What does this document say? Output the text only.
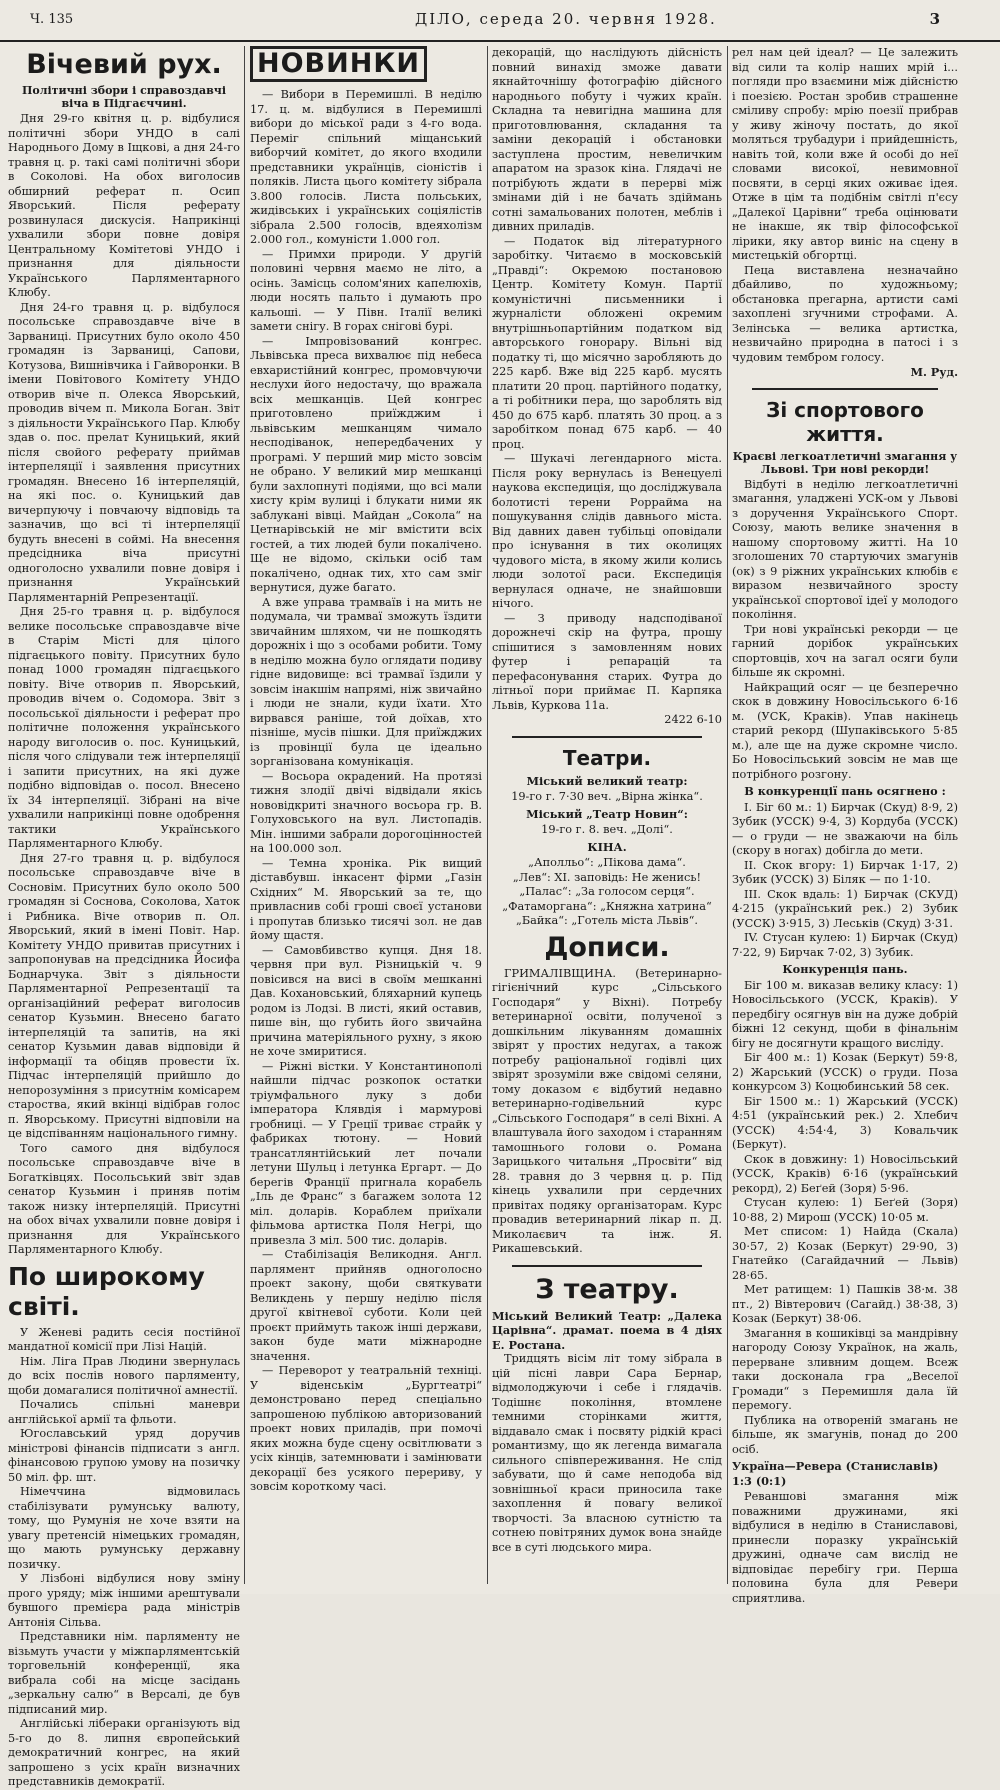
Ч. 135	ДІЛО, середа 20. червня 1928.	3
Вічевий рух.
Політичні збори і справоздавчі віча в Підгаєччині.

Дня 29-го квітня ц. р. відбулися політичні збори УНДО в салі Народнього Дому в Іщкові, а дня 24-го травня ц. р. такі самі політичні збори в Соколові. На обох виголосив обширний реферат п. Осип Яворський. Після реферату розвинулася дискусія. Наприкінці ухвалили збори повне довіря Центральному Комітетові УНДО і признання для діяльности Українського Парляментарного Клюбу.

Дня 24-го травня ц. р. відбулося посольське справоздавче віче в Зарваниці. Присутних було около 450 громадян із Зарваниці, Сапови, Котузова, Вишнівчика і Гайворонки. В імени Повітового Комітету УНДО отворив віче п. Олекса Яворський, проводив вічем п. Микола Боган. Звіт з діяльности Українського Пар. Клюбу здав о. пос. прелат Куницький, який після свойого реферату приймав інтерпеляції і заявлення присутних громадян. Внесено 16 інтерпеляцій, на які пос. о. Куницький дав вичерпуючу і повчаючу відповідь та зазначив, що всі ті інтерпеляції будуть внесені в соймі. На внесення предсідника віча присутні одноголосно ухвалили повне довіря і признання Український Парляментарній Репрезентації.

Дня 25-го травня ц. р. відбулося велике посольське справоздавче віче в Старім Місті для цілого підгаєцького повіту. Присутних було понад 1000 громадян підгаєцького повіту. Віче отворив п. Яворський, проводив вічем о. Содомора. Звіт з посольської діяльности і реферат про політичне положення українського народу виголосив о. пос. Куницький, після чого слідували теж інтерпеляції і запити присутних, на які дуже подібно відповідав о. посол. Внесено їх 34 інтерпеляції. Зібрані на віче ухвалили наприкінці повне одобрення тактики Українського Парляментарного Клюбу.

Дня 27-го травня ц. р. відбулося посольське справоздавче віче в Сосновім. Присутних було около 500 громадян зі Соснова, Соколова, Хаток і Рибника. Віче отворив п. Ол. Яворський, який в імені Повіт. Нар. Комітету УНДО привитав присутних і запропонував на предсідника Йосифа Боднарчука. Звіт з діяльности Парляментарної Репрезентації та організаційний реферат виголосив сенатор Кузьмин. Внесено багато інтерпеляцій та запитів, на які сенатор Кузьмин давав відповіди й інформації та обіцяв провести їх. Підчас інтерпеляцій прийшло до непорозуміння з присутнім комісарем староства, який вкінці відібрав голос п. Яворському. Присутні відповіли на це відспіванням національного гимну.

Того самого дня відбулося посольське справоздавче віче в Богатківцях. Посольський звіт здав сенатор Кузьмин і приняв потім також низку інтерпеляцій. Присутні на обох вічах ухвалили повне довіря і признання для Українського Парляментарного Клюбу.

По широкому світі.

У Женеві радить сесія постійної мандатної комісії при Лізі Націй.

Нім. Ліга Прав Людини звернулась до всіх послів нового парляменту, щоби домагалися політичної амнестії.

Почались спільні маневри англійської армії та фльоти.

Югославський уряд доручив міністрові фінансів підписати з англ. фінансовою групою умову на позичку 50 міл. фр. шт.

Німеччина відмовилась стабілізувати румунську валюту, тому, що Румунія не хоче взяти на увагу претенсій німецьких громадян, що мають румунську державну позичку.

У Лізбоні відбулися нову зміну прого уряду; між іншими арештували бувшого премієра рада міністрів Антонія Сільва.

Представники нім. парляменту не візьмуть участи у міжпарляментській торговельній конференції, яка вибрала собі на місце засідань „зеркальну салю“ в Версалі, де був підписаний мир.

Англійські лібераки організують від 5-го до 8. липня європейський демократичний конгрес, на який запрошено з усіх країн визначних представників демократії.

НОВИНКИ

— Вибори в Перемишлі. В неділю 17. ц. м. відбулися в Перемишлі вибори до міської ради з 4-го вода. Переміг спільний міщанський виборчий комітет, до якого входили представники українців, сіоністів і поляків. Листа цього комітету зібрала 3.800 голосів. Листа польських, жидівських і українських соціялістів зібрала 2.500 голосів, вдеяхолізм 2.000 гол., комуністи 1.000 гол.

— Примхи природи. У другій половині червня маємо не літо, а осінь. Замісць солом'яних капелюхів, люди носять пальто і думають про кальоші. — У Півн. Італії великі замети снігу. В горах снігові бурі.

— Імпровізований конгрес. Львівська преса вихвалює під небеса евхаристійний конгрес, промовчуючи неслухи його недостачу, що вражала всіх мешканців. Цей конгрес приготовлено приїжджим і львівським мешканцям чимало несподіванок, непередбачених у програмі. У перший мир місто зовсім не обрано. У великий мир мешканці були захлопнуті подіями, що всі мали хисту крім вулиці і блукати ними як заблукані вівці. Майдан „Сокола“ на Цетнарівській не міг вмістити всіх гостей, а тих людей були покалічено. Ще не відомо, скільки осіб там покалічено, однак тих, хто сам зміг вернутися, дуже багато.

А вже управа трамваїв і на мить не подумала, чи трамваї зможуть їздити звичайним шляхом, чи не пошкодять дорожніх і що з особами робити. Тому в неділю можна було оглядати подиву гідне видовище: всі трамваї їздили у зовсім інакшім напрямі, ніж звичайно і люди не знали, куди їхати. Хто вирвався раніше, той доїхав, хто пізніше, мусів пішки. Для приїжджих із провінції була це ідеально зорганізована комунікація.

— Восьора окрадений. На протязі тижня злодії двічі відвідали якісь нововідкриті значного восьора гр. В. Голуховського на вул. Листопадів. Мін. іншими забрали дорогоцінностей на 100.000 зол.

— Темна хроніка. Рік вищий діставбувш. інкасент фірми „Газін Східних“ М. Яворський за те, що привласнив собі гроші своєї установи і пропутав близько тисячі зол. не дав йому щастя.

— Самовбивство купця. Дня 18. червня при вул. Різницькій ч. 9 повісився на висі в своїм мешканні Дав. Кохановський, бляхарний купець родом із Лодзі. В листі, який оставив, пише він, що губить його звичайна причина матеріяльного рухну, з якою не хоче змиритися.

— Ріжні вістки. У Константинополі найшли підчас розкопок остатки тріумфального луку з доби імператора Клявдія і мармурові гробниці. — У Греції триває страйк у фабриках тютону. — Новий трансатлянтійський лет почали летуни Шульц і летунка Ергарт. — До берегів Франції пригнала корабель „Іль де Франс“ з багажем золота 12 міл. доларів. Кораблем приїхали фільмова артистка Поля Негрі, що привезла 3 міл. 500 тис. доларів.

— Стабілізація Великодня. Англ. парлямент прийняв одноголосно проект закону, щоби святкувати Великдень у першу неділю після другої квітневої суботи. Коли цей проєкт приймуть також інші держави, закон буде мати міжнародне значення.

— Переворот у театральній техніці. У віденськім „Бургтеатрі“ демонстровано перед спеціально запрошеною публікою авторизований проект нових приладів, при помочі яких можна буде сцену освітлювати з усіх кінців, затемнювати і замінювати декорації без усякого перериву, у зовсім короткому часі.

декорацій, що наслідують дійсність повний винахід зможе давати якнайточнішу фотографію дійсного народнього побуту і чужих країн. Складна та невигідна машина для приготовлювання, складання та заміни декорацій і обстановки заступлена простим, невеличким апаратом на зразок кіна. Глядачі не потрібують ждати в перерві між змінами дій і не бачать здіймань сотні замальованих полотен, меблів і дивних приладів.

— Податок від літературного заробітку. Читаємо в московській „Правді“: Окремою постановою Центр. Комітету Комун. Партії комуністичні письменники і журналісти обложені окремим внутрішньопартійним податком від авторського гонорару. Вільні від податку ті, що місячно заробляють до 225 карб. Вже від 225 карб. мусять платити 20 проц. партійного податку, а ті робітники пера, що зароблять від 450 до 675 карб. платять 30 проц. а з заробітком понад 675 карб. — 40 проц.

— Шукачі легендарного міста. Після року вернулась із Венецуелі наукова експедиція, що досліджувала болотисті терени Роррайма на пошукування слідів давнього міста. Від давних давен тубільці оповідали про існування в тих околицях чудового міста, в якому жили колись люди золотої раси. Експедиція вернулася одначе, не знайшовши нічого.

— З приводу надсподіваної дорожнечі скір на футра, прошу спішитися з замовленням нових футер і репарацій та перефасонування старих. Футра до літньої пори приймає П. Карпяка Львів, Куркова 11а.

2422 6-10

Театри.

Міський великий театр:

19-го г. 7·30 веч. „Вірна жінка“.

Міський „Театр Новин“:

19-го г. 8. веч. „Долі“.

КІНА.

„Аполльо“: „Пікова дама“.

„Лев“: XI. заповідь: Не женись!

„Палас“: „За голосом серця“.

„Фатаморгана“: „Княжна хатрина“

„Байка“: „Готель містa Львів“.

Дописи.

ГРИМАЛІВЩИНА. (Ветеринарно-гігієнічний курс „Сільського Господаря“ у Віхні). Потребу ветеринарної освіти, полученої з дошкільним лікуванням домашніх звірят у простих недугах, а також потребу раціональної годівлі цих звірят зрозуміли вже свідомі селяни, тому доказом є відбутий недавно ветеринарно-годівельний курс „Сільського Господаря“ в селі Віхні. А влаштувала його заходом і старанням тамошнього голови о. Романа Зарицького читальня „Просвіти“ від 28. травня до 3 червня ц. р. Під кінець ухвалили при сердечних привітах подяку організаторам. Курс провадив ветеринарний лікар п. Д. Миколаєвич та інж. Я. Рикашевський.

З театру.

Міський Великий Театр: „Далека Царівна“. драмат. поема в 4 діях Е. Ростана.

Тридцять вісім літ тому зібрала в цій пісні лаври Сара Бернар, відмолоджуючи і себе і глядачів. Тодішнє покоління, втомлене темними сторінками життя, віддавало смак і посвяту рідкій красі романтизму, що як легенда вимагала сильного співпереживання. Не слід забувати, що й саме неподоба від зовнішньої краси приносила таке захоплення й повагу великої творчості. За власною сутністю та сотнею повітряних думок вона знайде все в суті людського мира.

рел нам цей ідеал? — Це залежить від сили та колір наших мрій і... погляди про взаємини між дійсністю і поезією. Ростан зробив страшенне сміливу спробу: мрію поезії прибрав у живу жіночу постать, до якої моляться трубадури і прийдешність, навіть той, коли вже й особі до неї словами високої, невимовної посвяти, в серці яких оживає ідея. Отже в цім та подібнім світлі п'єсу „Далекої Царівни“ треба оцінювати не інакше, як твір філософської лірики, яку автор виніс на сцену в мистецькій обгортці.

Пеца виставлена незначайно дбайливо, по художньому; обстановка прегарна, артисти самі захоплені згучними строфами. А. Зелінська — велика артистка, незвичайно природна в патосі і з чудовим тембром голосу.

М. Руд.

Зі спортового життя.
Краєві легкоатлетичні змагання у Львові. Три нові рекорди!

Відбуті в неділю легкоатлетичні змагання, уладжені УСК-ом у Львові з доручення Українського Спорт. Союзу, мають велике значення в нашому спортовому житті. На 10 зголошених 70 стартуючих змагунів (ок) з 9 ріжних українських клюбів є виразом незвичайного зросту української спортової ідеї у молодого покоління.

Три нові українські рекорди — це гарний дорібок українських спортовців, хоч на загал осяги були більше як скромні.

Найкращий осяг — це безперечно скок в довжину Новосільського 6·16 м. (УСК, Краків). Упав накінець старий рекорд (Шупаківського 5·85 м.), але ще на дуже скромне число. Бо Новосільський зовсім не мав ще потрібного розгону.

В конкуренції пань осягнено :

І. Біг 60 м.: 1) Бирчак (Скуд) 8·9, 2) Зубик (УССК) 9·4, 3) Кордуба (УССК) — о груди — не зважаючи на біль (скору в ногах) добігла до мети.

ІІ. Скок вгору: 1) Бирчак 1·17, 2) Зубик (УССК) 3) Біляк — по 1·10.

ІІІ. Скок вдаль: 1) Бирчак (СКУД) 4·215 (український рек.) 2) Зубик (УССК) 3·915, 3) Леськів (Скуд) 3·31.

IV. Стусан кулею: 1) Бирчак (Скуд) 7·22, 9) Бирчак 7·02, 3) Зубик.

Конкуренція пань.

Біг 100 м. виказав велику класу: 1) Новосільського (УССК, Краків). У передбігу осягнув він на дуже добрій біжні 12 секунд, щоби в фінальнім бігу не досягнути кращого висліду.

Біг 400 м.: 1) Козак (Беркут) 59·8, 2) Жарський (УССК) о груди. Поза конкурсом 3) Коцюбинський 58 сек.

Біг 1500 м.: 1) Жарський (УССК) 4:51 (український рек.) 2. Хлебич (УССК) 4:54·4, 3) Ковальчик (Беркут).

Скок в довжину: 1) Новосільський (УССК, Краків) 6·16 (український рекорд), 2) Беґей (Зоря) 5·96.

Стусан кулею: 1) Беґей (Зоря) 10·88, 2) Мирош (УССК) 10·05 м.

Мет списом: 1) Найда (Скала) 30·57, 2) Козак (Беркут) 29·90, 3) Гнатейко (Сагайдачний — Львів) 28·65.

Мет ратищем: 1) Пашків 38·м. 38 пт., 2) Вівтерович (Сагайд.) 38·38, 3) Козак (Беркут) 38·06.

Змагання в кошиківці за мандрівну нагороду Союзу Українок, на жаль, перерване зливним дощем. Всеж таки досконала гра „Веселої Громади“ з Перемишля дала їй перемогу.

Публика на отвореній змагань не більше, як змагунів, понад до 200 осіб.

Україна—Ревера (Станиславів) 1:3 (0:1)

Реваншові змагання між поважними дружинами, які відбулися в неділю в Станиславові, принесли поразку українській дружині, одначе сам вислід не відповідає перебігу гри. Перша половина була для Ревери сприятлива.
